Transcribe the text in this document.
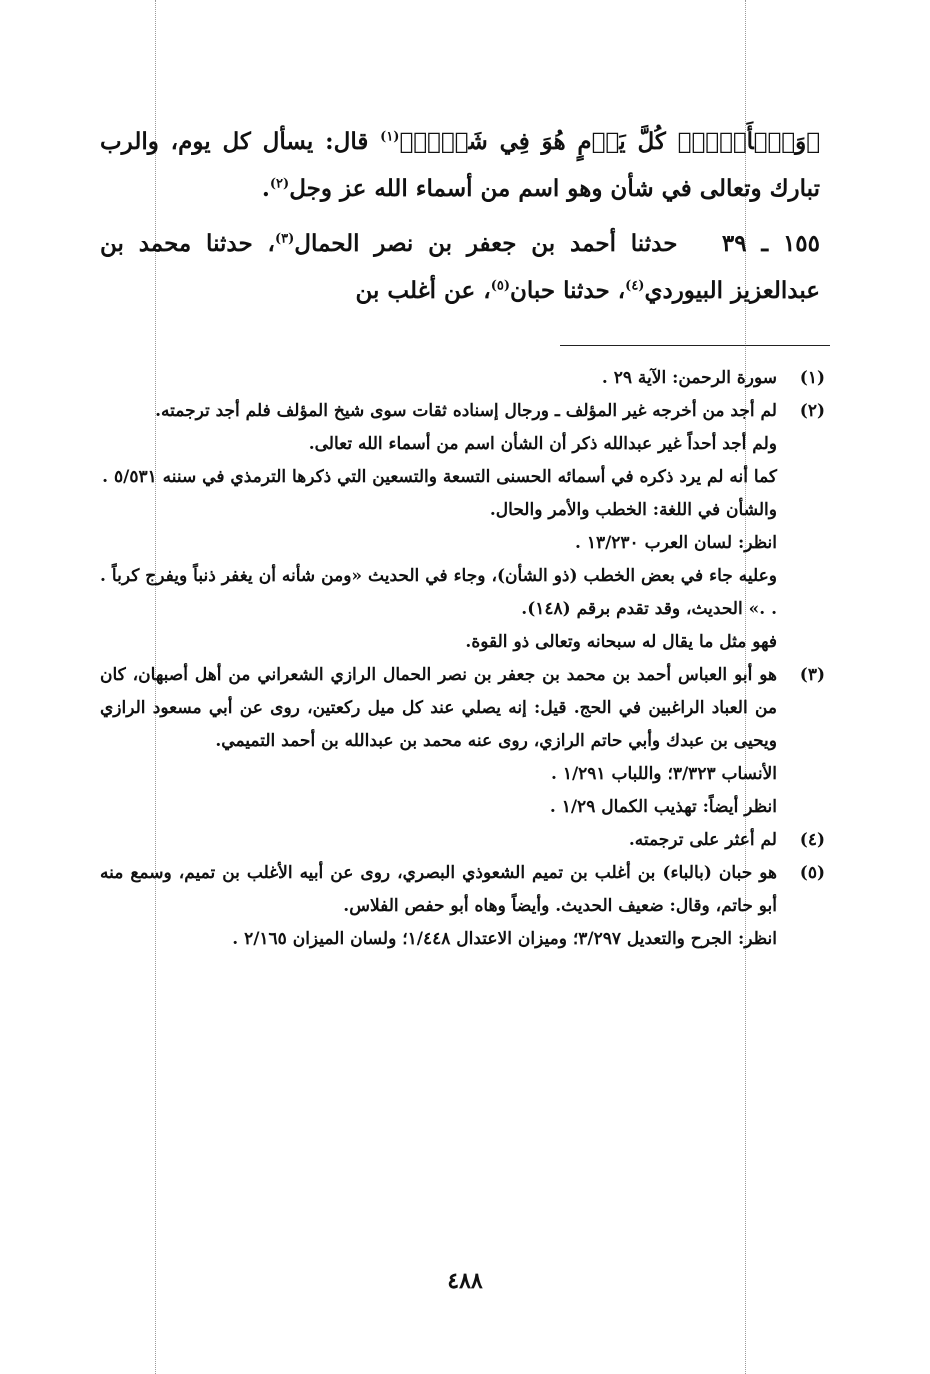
﴿وَٱلۡأَرۡضِۚ كُلَّ يَوۡمٍ هُوَ فِي شَأۡنٖ﴾$^{(١)}$ قال: يسأل كل يوم، والرب تبارك وتعالى في شأن وهو اسم من أسماء الله عز وجل$^{(٢)}$.

١٥٥ ـ ٣٩   حدثنا أحمد بن جعفر بن نصر الحمال$^{(٣)}$، حدثنا محمد بن عبدالعزيز البيوردي$^{(٤)}$، حدثنا حبان$^{(٥)}$، عن أغلب بن

(١)
سورة الرحمن: الآية ٢٩ .
(٢)
لم أجد من أخرجه غير المؤلف ـ ورجال إسناده ثقات سوى شيخ المؤلف فلم أجد ترجمته.
ولم أجد أحداً غير عبدالله ذكر أن الشأن اسم من أسماء الله تعالى.
كما أنه لم يرد ذكره في أسمائه الحسنى التسعة والتسعين التي ذكرها الترمذي في سننه ٥/٥٣١ .
والشأن في اللغة: الخطب والأمر والحال.
انظر: لسان العرب ١٣/٢٣٠ .
وعليه جاء في بعض الخطب (ذو الشأن)، وجاء في الحديث «ومن شأنه أن يغفر ذنباً ويفرج كرباً . . .» الحديث، وقد تقدم برقم (١٤٨).
فهو مثل ما يقال له سبحانه وتعالى ذو القوة.
(٣)
هو أبو العباس أحمد بن محمد بن جعفر بن نصر الحمال الرازي الشعراني من أهل أصبهان، كان من العباد الراغبين في الحج. قيل: إنه يصلي عند كل ميل ركعتين، روى عن أبي مسعود الرازي ويحيى بن عبدك وأبي حاتم الرازي، روى عنه محمد بن عبدالله بن أحمد التميمي.
الأنساب ٣/٣٢٣؛ واللباب ١/٢٩١ .
انظر أيضاً: تهذيب الكمال ١/٢٩ .
(٤)
لم أعثر على ترجمته.
(٥)
هو حبان (بالباء) بن أغلب بن تميم الشعوذي البصري، روى عن أبيه الأغلب بن تميم، وسمع منه أبو حاتم، وقال: ضعيف الحديث. وأيضاً وهاه أبو حفص الفلاس.
انظر: الجرح والتعديل ٣/٢٩٧؛ وميزان الاعتدال ١/٤٤٨؛ ولسان الميزان ٢/١٦٥ .
٤٨٨
